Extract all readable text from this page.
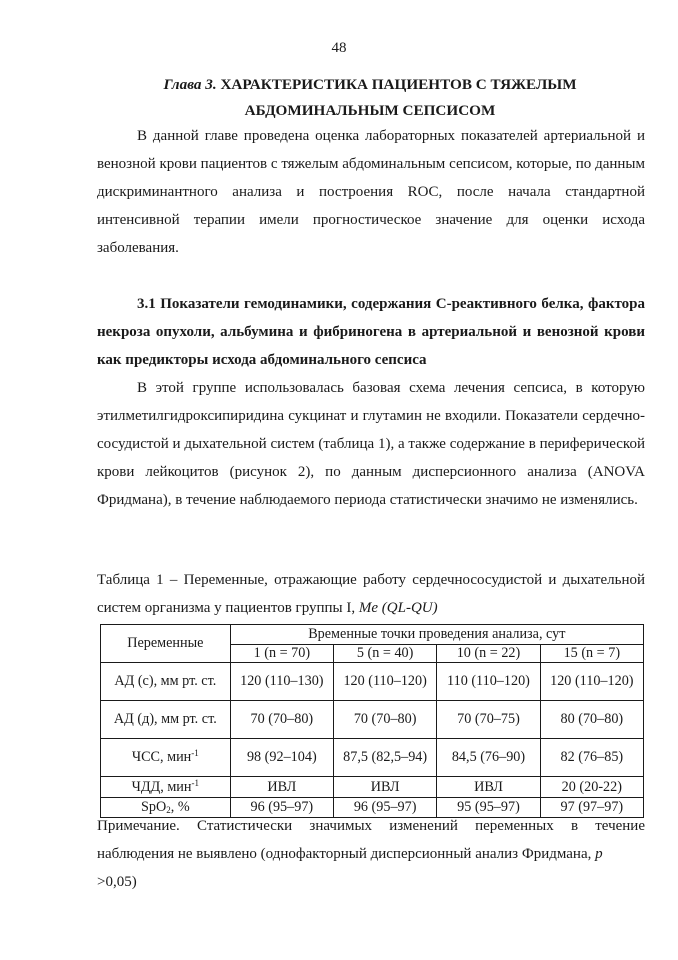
48
Глава 3. ХАРАКТЕРИСТИКА ПАЦИЕНТОВ С ТЯЖЕЛЫМ
АБДОМИНАЛЬНЫМ СЕПСИСОМ
В данной главе проведена оценка лабораторных показателей артериальной и венозной крови пациентов с тяжелым абдоминальным сепсисом, которые, по данным дискриминантного анализа и построения ROC, после начала стандартной интенсивной терапии имели прогностическое значение для оценки исхода заболевания.
3.1 Показатели гемодинамики, содержания С-реактивного белка, фактора некроза опухоли, альбумина и фибриногена в артериальной и венозной крови как предикторы исхода абдоминального сепсиса
В этой группе использовалась базовая схема лечения сепсиса, в которую этилметилгидроксипиридина сукцинат и глутамин не входили. Показатели сердечно-сосудистой и дыхательной систем (таблица 1), а также содержание в периферической крови лейкоцитов (рисунок 2), по данным дисперсионного анализа (ANOVA Фридмана), в течение наблюдаемого периода статистически значимо не изменялись.
Таблица 1 – Переменные, отражающие работу сердечнососудистой и дыхательной систем организма у пациентов группы I, Me (QL-QU)
Переменные	Временные точки проведения анализа, сут			
	1 (n = 70)	5 (n = 40)	10 (n = 22)	15 (n = 7)
АД (с), мм рт. ст.	120 (110–130)	120 (110–120)	110 (110–120)	120 (110–120)
АД (д), мм рт. ст.	70 (70–80)	70 (70–80)	70 (70–75)	80 (70–80)
ЧСС, мин$^{-1}$	98 (92–104)	87,5 (82,5–94)	84,5 (76–90)	82 (76–85)
ЧДД, мин$^{-1}$	ИВЛ	ИВЛ	ИВЛ	20 (20-22)
SpO$_2$, %	96 (95–97)	96 (95–97)	95 (95–97)	97 (97–97)
Примечание. Статистически значимых изменений переменных в течение наблюдения не выявлено (однофакторный дисперсионный анализ Фридмана, p
>0,05)
